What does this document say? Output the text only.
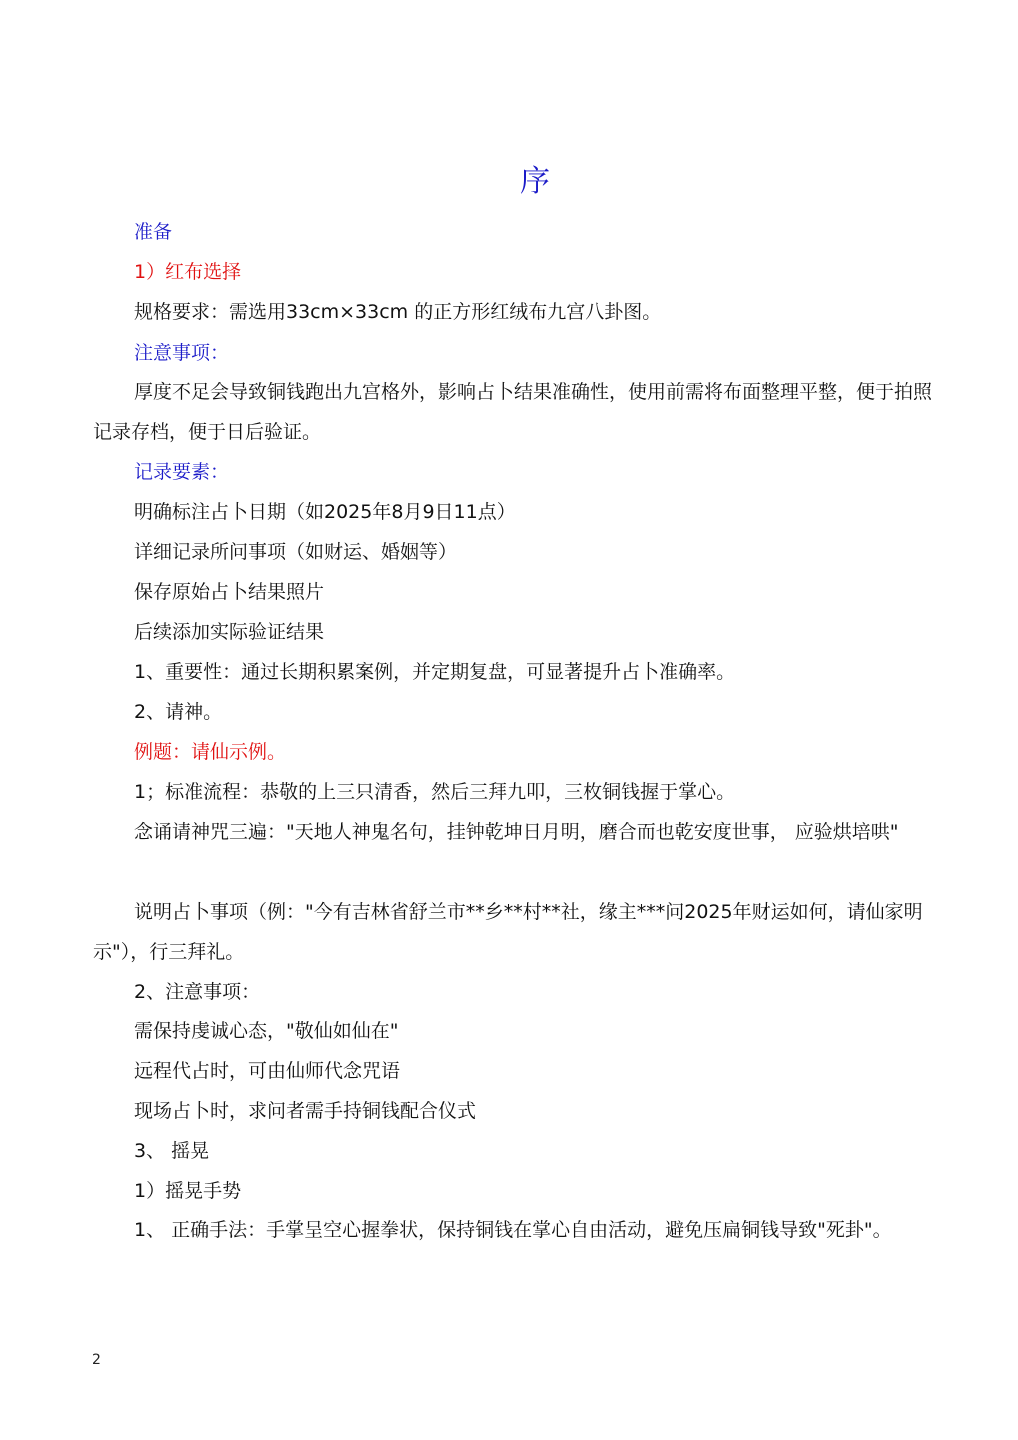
序
准备
1）红布选择
规格要求：需选用33cm×33cm 的正方形红绒布九宫八卦图。
注意事项：
厚度不足会导致铜钱跑出九宫格外，影响占卜结果准确性，使用前需将布面整理平整，便于拍照记录存档，便于日后验证。
记录要素：
明确标注占卜日期（如2025年8月9日11点）
详细记录所问事项（如财运、婚姻等）
保存原始占卜结果照片
后续添加实际验证结果
1、重要性：通过长期积累案例，并定期复盘，可显著提升占卜准确率。
2、请神。
例题：请仙示例。
1；标准流程：恭敬的上三只清香，然后三拜九叩，三枚铜钱握于掌心。
念诵请神咒三遍："天地人神鬼名句，挂钟乾坤日月明，磨合而也乾安度世事， 应验烘培哄"
说明占卜事项（例："今有吉林省舒兰市**乡**村**社，缘主***问2025年财运如何，请仙家明示"），行三拜礼。
2、注意事项：
需保持虔诚心态，"敬仙如仙在"
远程代占时，可由仙师代念咒语
现场占卜时，求问者需手持铜钱配合仪式
3、 摇晃
1）摇晃手势
1、 正确手法：手掌呈空心握拳状，保持铜钱在掌心自由活动，避免压扁铜钱导致"死卦"。
2
